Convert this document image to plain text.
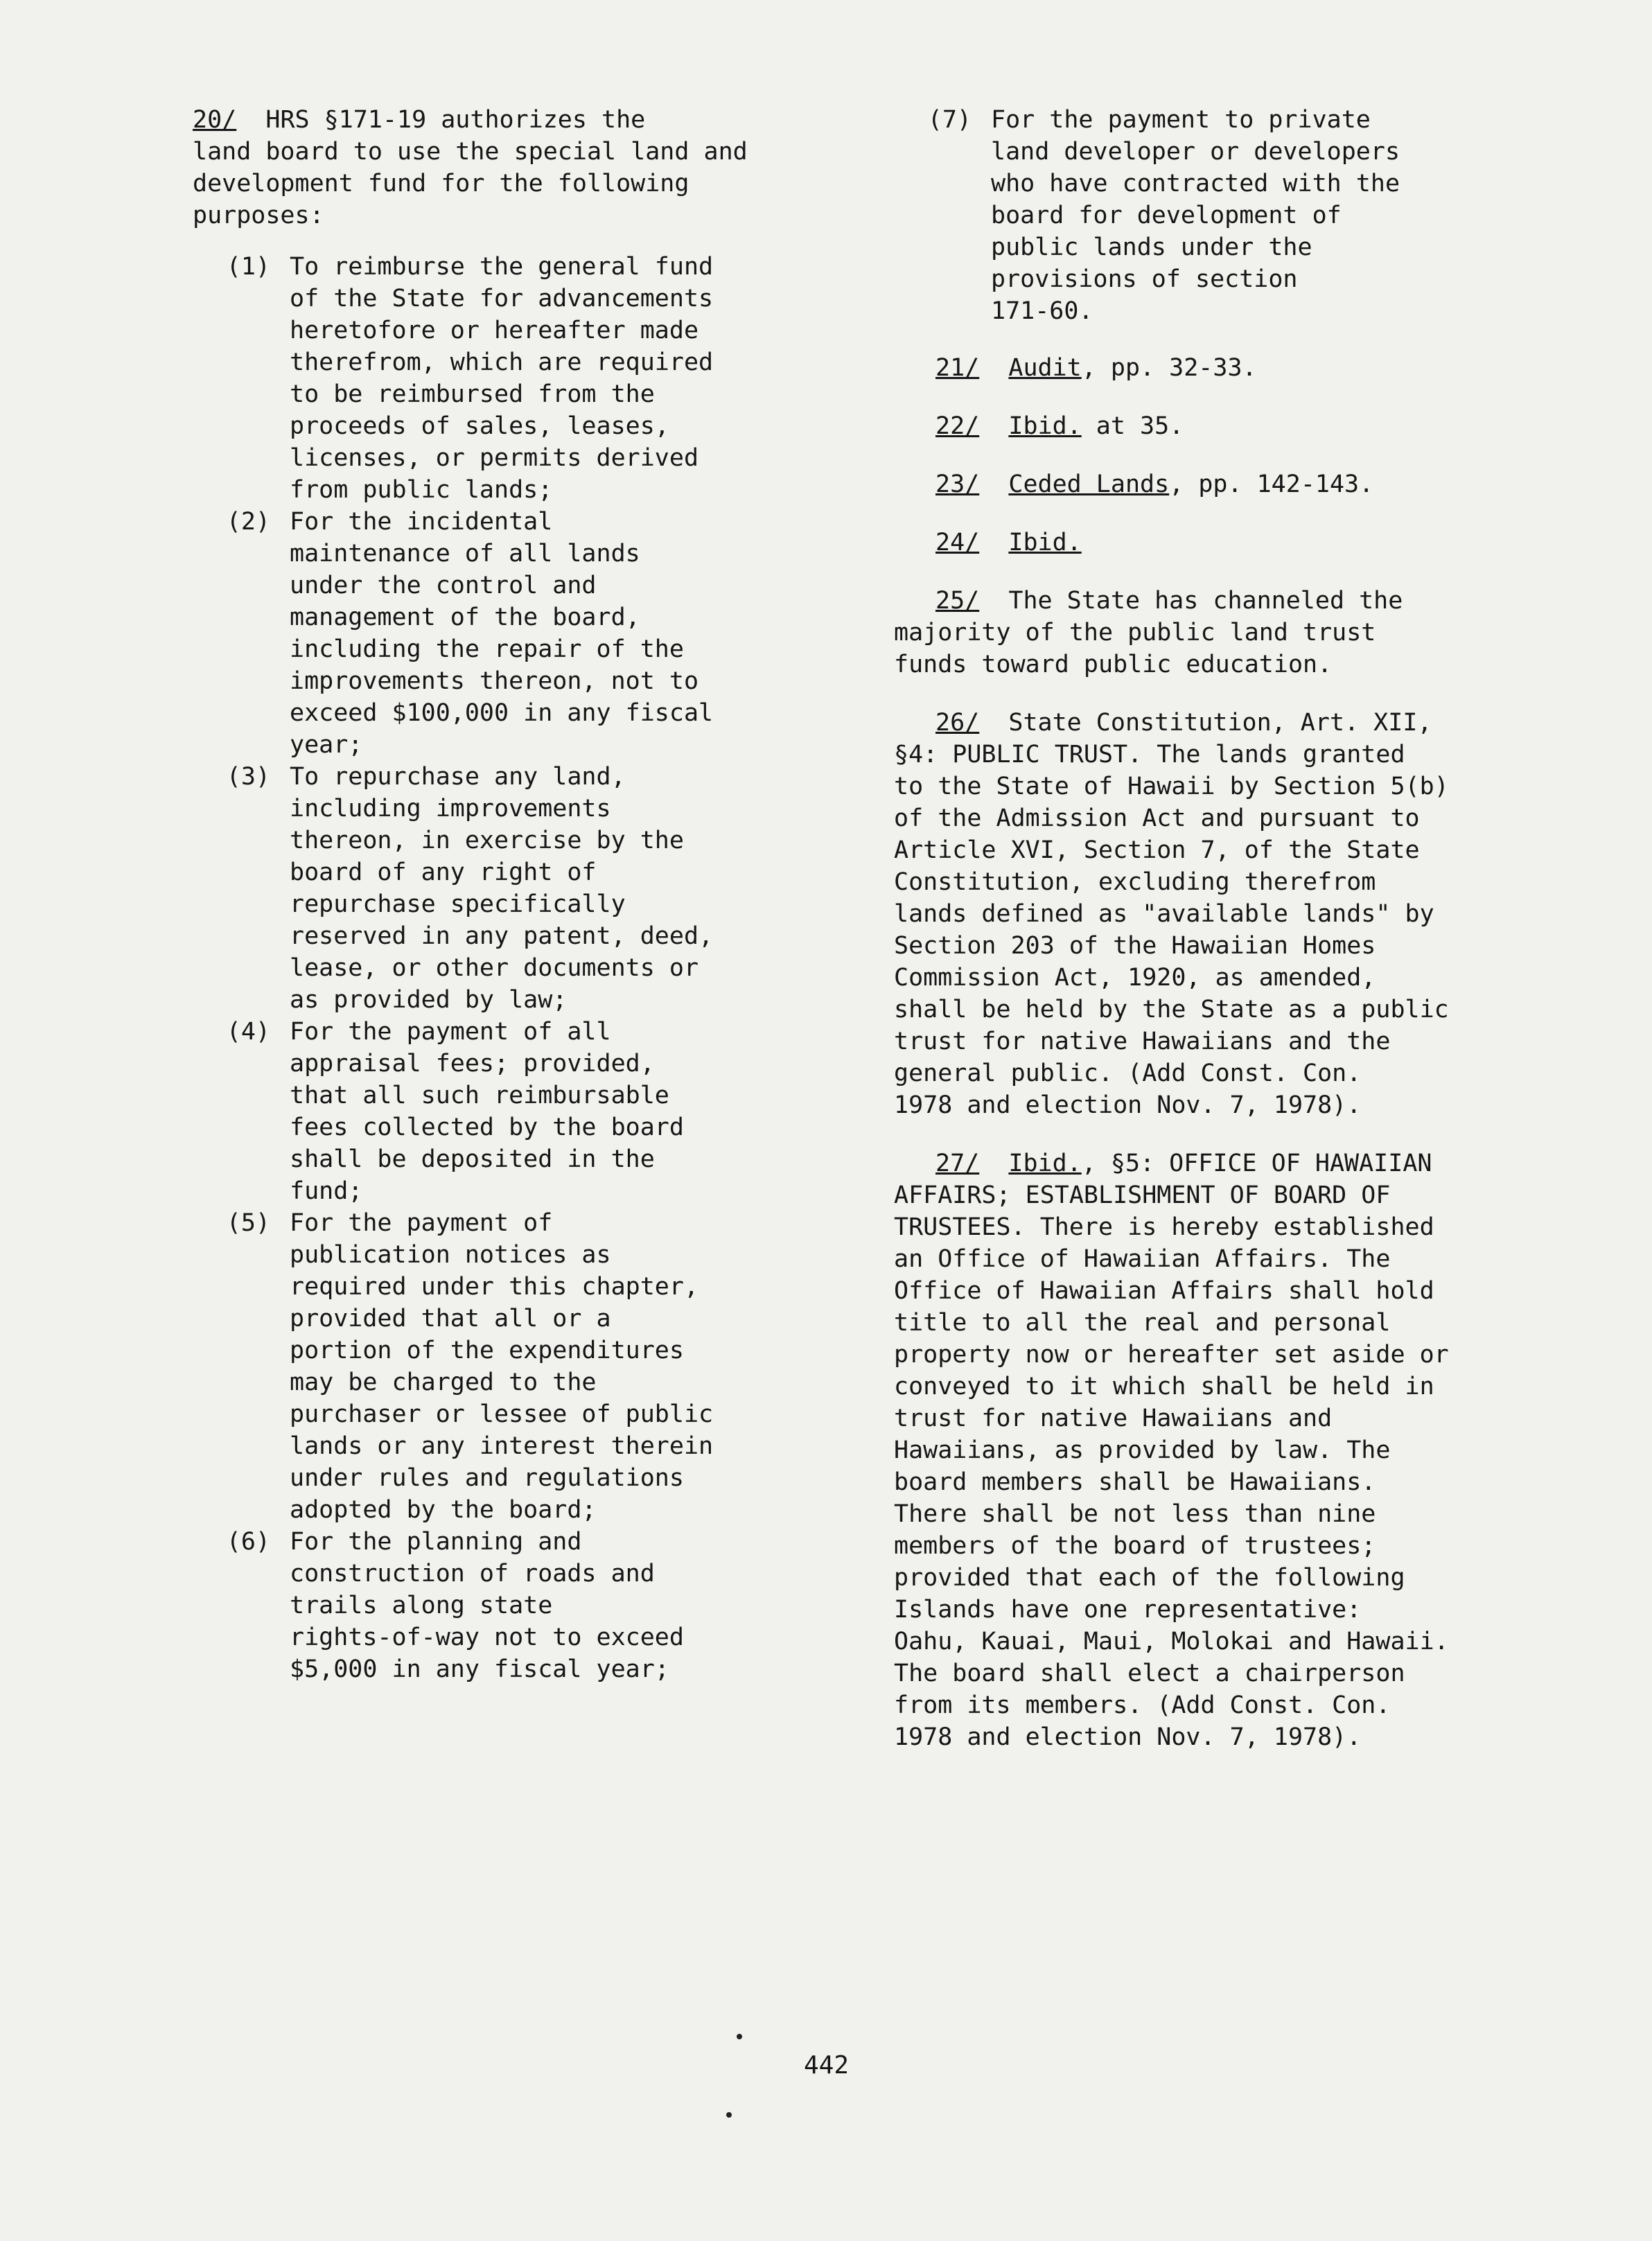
20/ HRS §171-19 authorizes the
land board to use the special land and
development fund for the following
purposes:

(1) To reimburse the general fund
of the State for advancements
heretofore or hereafter made
therefrom, which are required
to be reimbursed from the
proceeds of sales, leases,
licenses, or permits derived
from public lands;
(2) For the incidental
maintenance of all lands
under the control and
management of the board,
including the repair of the
improvements thereon, not to
exceed $100,000 in any fiscal
year;
(3) To repurchase any land,
including improvements
thereon, in exercise by the
board of any right of
repurchase specifically
reserved in any patent, deed,
lease, or other documents or
as provided by law;
(4) For the payment of all
appraisal fees; provided,
that all such reimbursable
fees collected by the board
shall be deposited in the
fund;
(5) For the payment of
publication notices as
required under this chapter,
provided that all or a
portion of the expenditures
may be charged to the
purchaser or lessee of public
lands or any interest therein
under rules and regulations
adopted by the board;
(6) For the planning and
construction of roads and
trails along state
rights-of-way not to exceed
$5,000 in any fiscal year;
(7) For the payment to private
land developer or developers
who have contracted with the
board for development of
public lands under the
provisions of section
171-60.

21/ Audit, pp. 32-33.

22/ Ibid. at 35.

23/ Ceded Lands, pp. 142-143.

24/ Ibid.

25/ The State has channeled the
majority of the public land trust
funds toward public education.

26/ State Constitution, Art. XII,
§4: PUBLIC TRUST. The lands granted
to the State of Hawaii by Section 5(b)
of the Admission Act and pursuant to
Article XVI, Section 7, of the State
Constitution, excluding therefrom
lands defined as "available lands" by
Section 203 of the Hawaiian Homes
Commission Act, 1920, as amended,
shall be held by the State as a public
trust for native Hawaiians and the
general public. (Add Const. Con.
1978 and election Nov. 7, 1978).

27/ Ibid., §5: OFFICE OF HAWAIIAN
AFFAIRS; ESTABLISHMENT OF BOARD OF
TRUSTEES. There is hereby established
an Office of Hawaiian Affairs. The
Office of Hawaiian Affairs shall hold
title to all the real and personal
property now or hereafter set aside or
conveyed to it which shall be held in
trust for native Hawaiians and
Hawaiians, as provided by law. The
board members shall be Hawaiians.
There shall be not less than nine
members of the board of trustees;
provided that each of the following
Islands have one representative:
Oahu, Kauai, Maui, Molokai and Hawaii.
The board shall elect a chairperson
from its members. (Add Const. Con.
1978 and election Nov. 7, 1978).

442
